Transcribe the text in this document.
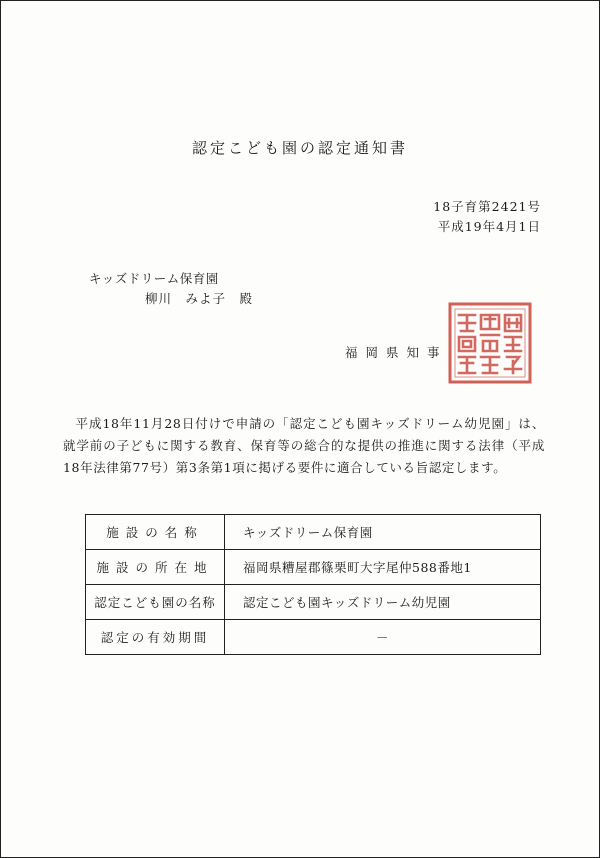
認定こども園の認定通知書
18子育第2421号
平成19年4月1日
キッズドリーム保育園
柳川　みよ子　殿
福岡県知事
平成18年11月28日付けで申請の「認定こども園キッズドリーム幼児園」は、就学前の子どもに関する教育、保育等の総合的な提供の推進に関する法律（平成18年法律第77号）第3条第1項に掲げる要件に適合している旨認定します。
施設の名称	キッズドリーム保育園
施設の所在地	福岡県糟屋郡篠栗町大字尾仲588番地1
認定こども園の名称	認定こども園キッズドリーム幼児園
認定の有効期間	－
